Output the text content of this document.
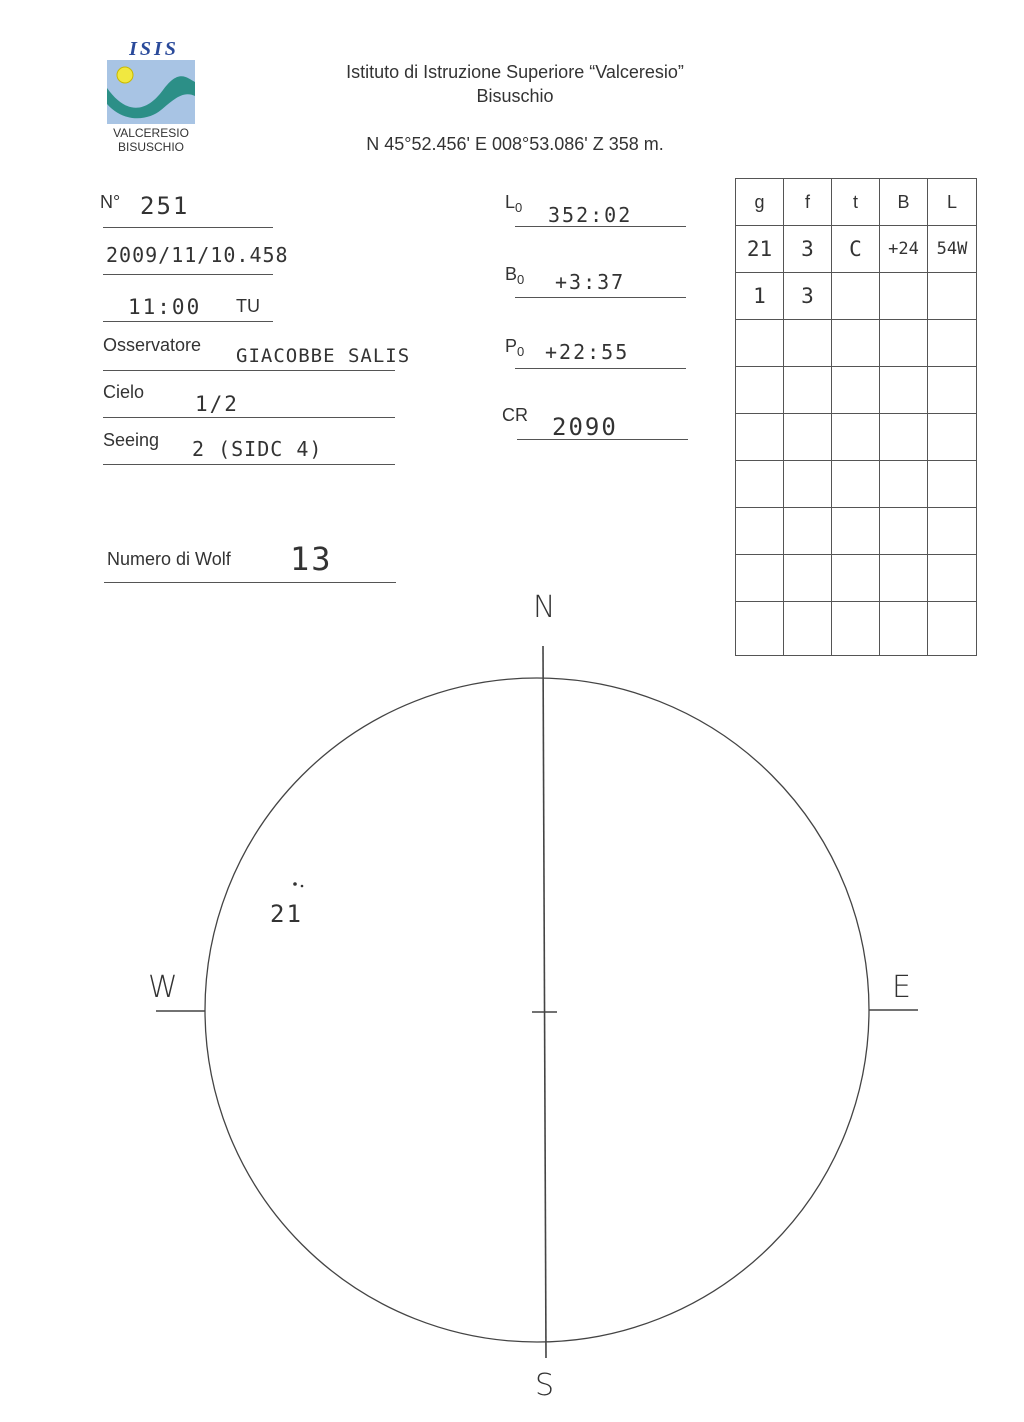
ISIS
VALCERESIO
BISUSCHIO
Istituto di Istruzione Superiore “Valceresio”
Bisuschio
N 45°52.456' E 008°53.086' Z 358 m.
N° 251
2009/11/10.458
11:00 TU
Osservatore GIACOBBE SALIS
Cielo 1/2
Seeing 2 (SIDC 4)
Numero di Wolf 13
$L_0$ 352:02
$B_0$ +3:37
$P_0$ +22:55
CR 2090
g	f	t	B	L
21	3	C	+24	54W
1	3
N
S
W	E
21
